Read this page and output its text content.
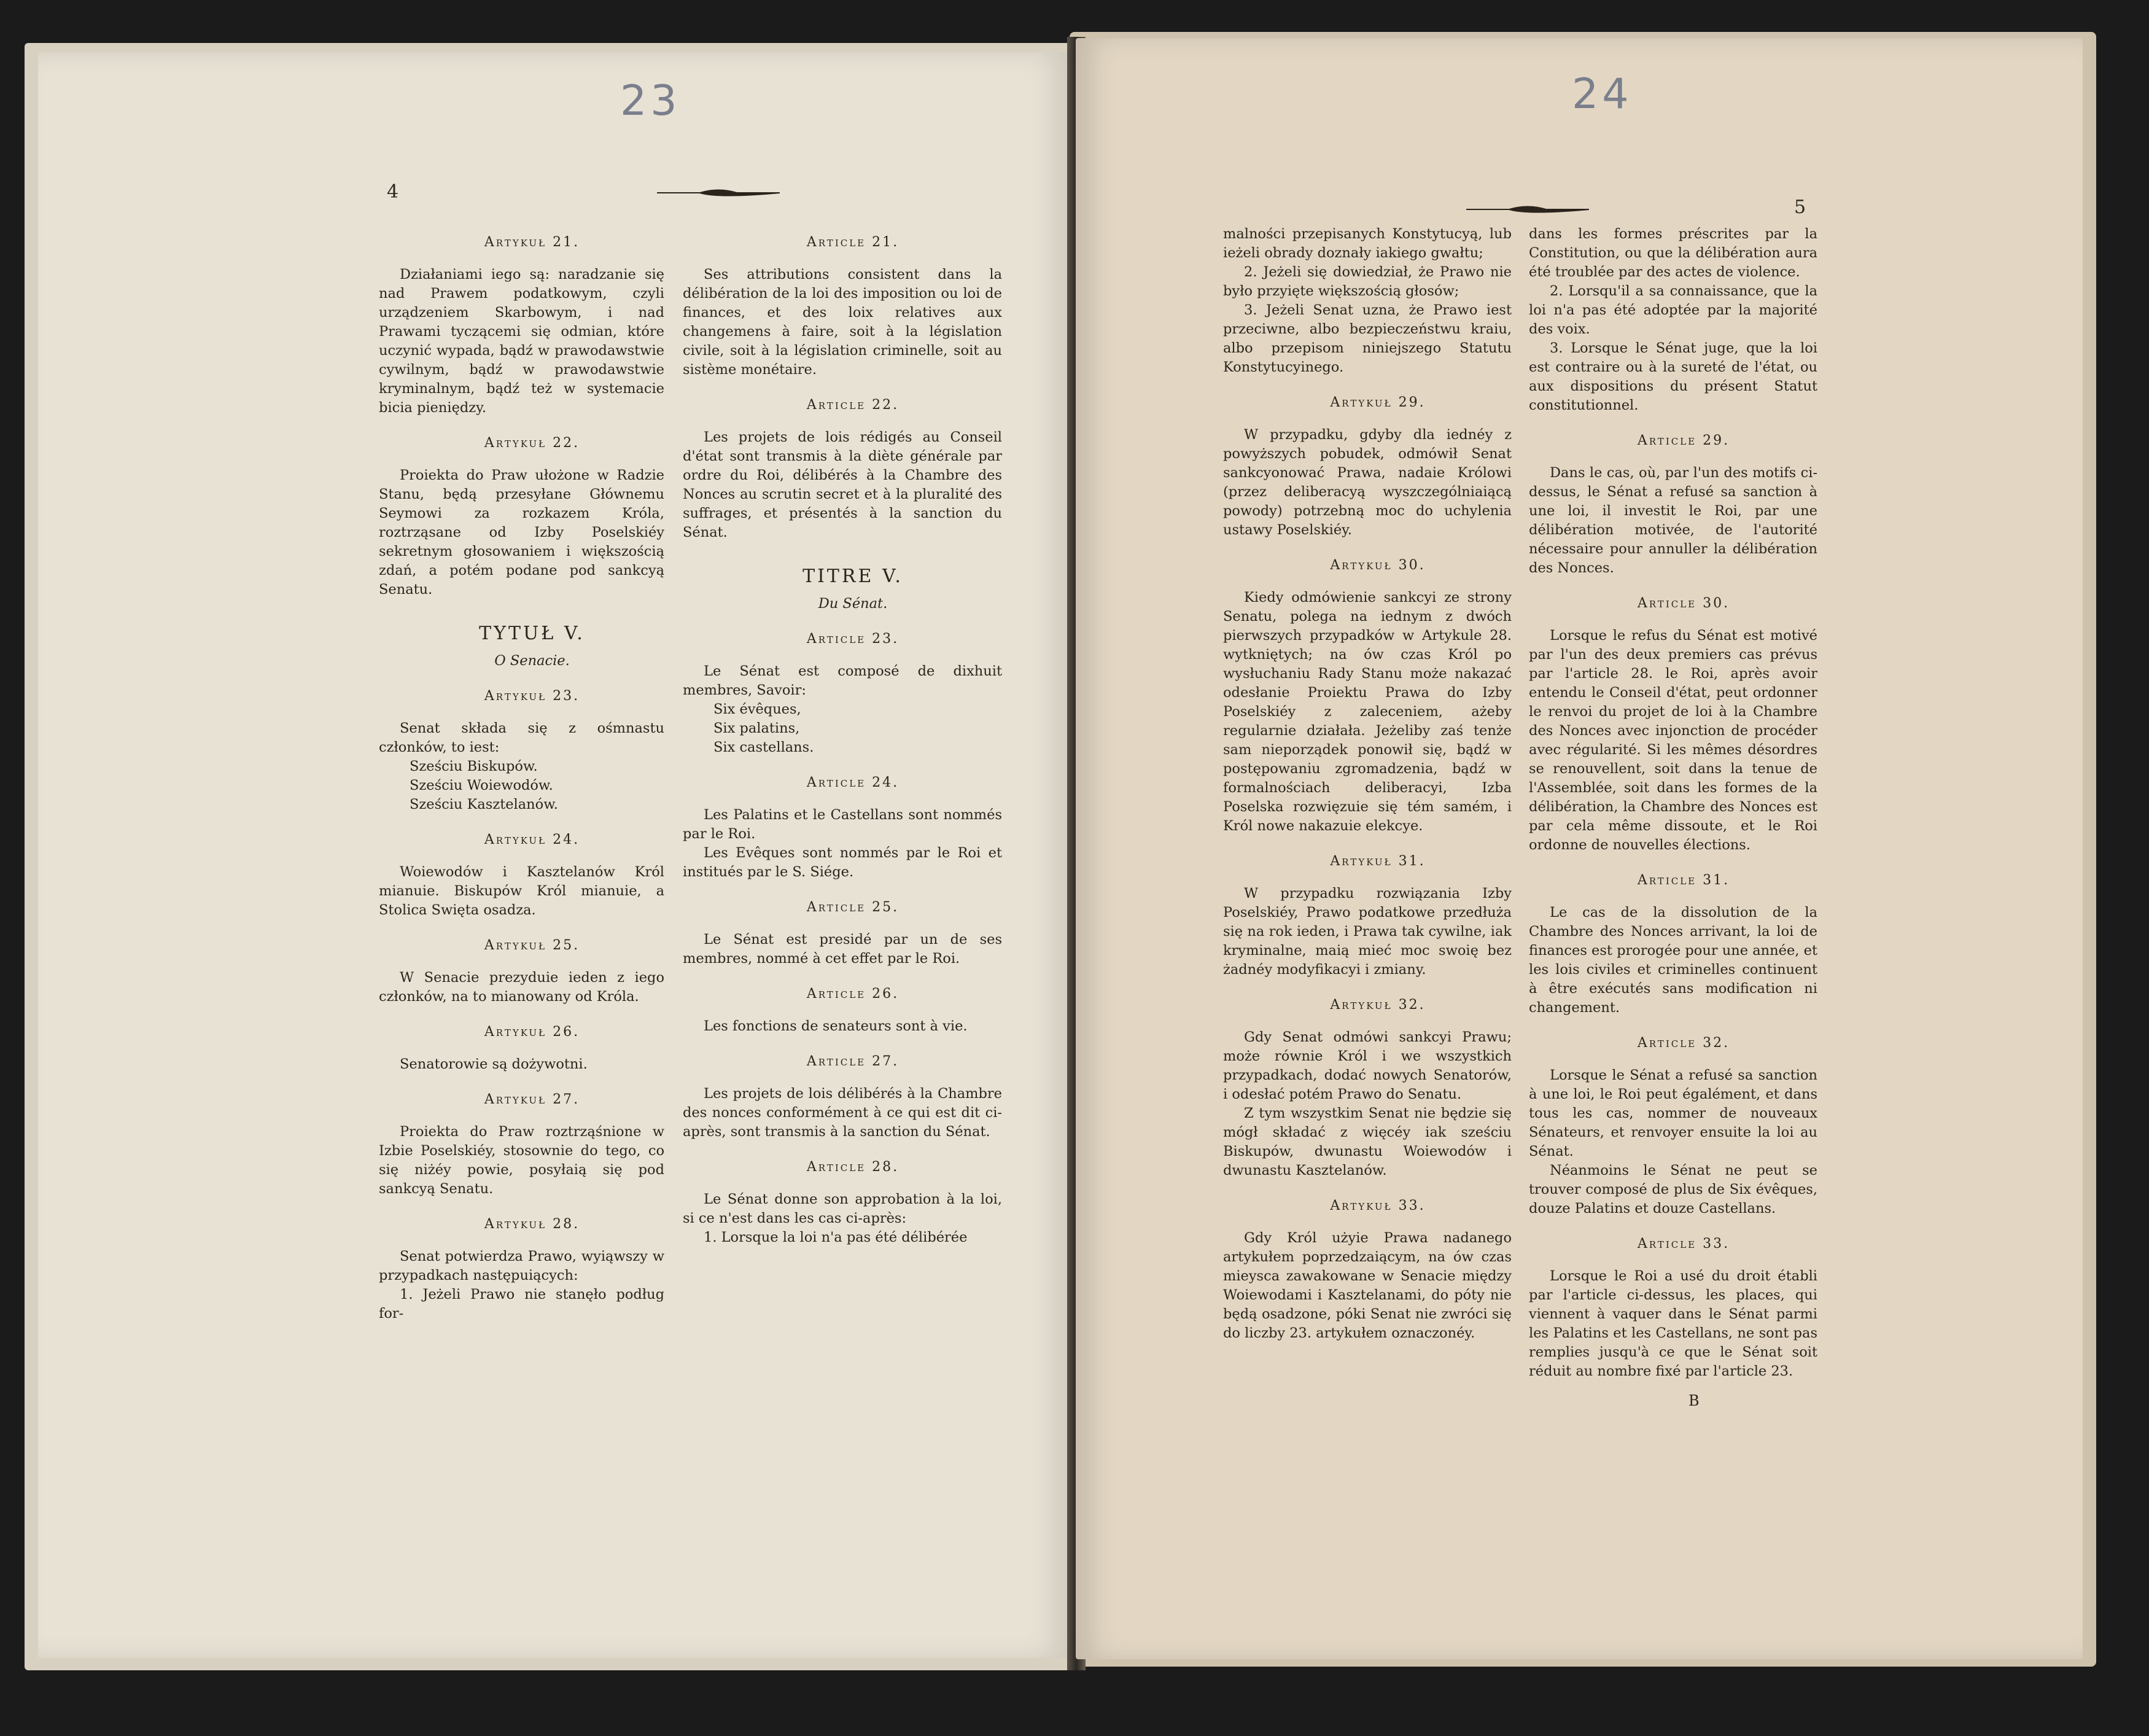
23
4

Artykuł 21.

Działaniami iego są: naradzanie się nad Prawem podatkowym, czyli urządzeniem Skarbowym, i nad Prawami tyczącemi się odmian, które uczynić wypada, bądź w prawodawstwie cywilnym, bądź w prawodawstwie kryminalnym, bądź też w systemacie bicia pieniędzy.

Artykuł 22.

Proiekta do Praw ułożone w Radzie Stanu, będą przesyłane Głównemu Seymowi za rozkazem Króla, roztrząsane od Izby Poselskiéy sekretnym głosowaniem i większością zdań, a potém podane pod sankcyą Senatu.

TYTUŁ V.

O Senacie.

Artykuł 23.

Senat składa się z ośmnastu członków, to iest:

Sześciu Biskupów.
Sześciu Woiewodów.
Sześciu Kasztelanów.

Artykuł 24.

Woiewodów i Kasztelanów Król mianuie. Biskupów Król mianuie, a Stolica Swięta osadza.

Artykuł 25.

W Senacie prezyduie ieden z iego członków, na to mianowany od Króla.

Artykuł 26.

Senatorowie są dożywotni.

Artykuł 27.

Proiekta do Praw roztrząśnione w Izbie Poselskiéy, stosownie do tego, co się niżéy powie, posyłaią się pod sankcyą Senatu.

Artykuł 28.

Senat potwierdza Prawo, wyiąwszy w przypadkach następuiących:

1. Jeżeli Prawo nie stanęło podług for-

Article 21.

Ses attributions consistent dans la délibération de la loi des imposition ou loi de finances, et des loix relatives aux changemens à faire, soit à la législation civile, soit à la législation criminelle, soit au sistème monétaire.

Article 22.

Les projets de lois rédigés au Conseil d'état sont transmis à la diète générale par ordre du Roi, délibérés à la Chambre des Nonces au scrutin secret et à la pluralité des suffrages, et présentés à la sanction du Sénat.

TITRE V.

Du Sénat.

Article 23.

Le Sénat est composé de dixhuit membres, Savoir:

Six évêques,
Six palatins,
Six castellans.

Article 24.

Les Palatins et le Castellans sont nommés par le Roi.

Les Evêques sont nommés par le Roi et institués par le S. Siége.

Article 25.

Le Sénat est presidé par un de ses membres, nommé à cet effet par le Roi.

Article 26.

Les fonctions de senateurs sont à vie.

Article 27.

Les projets de lois délibérés à la Chambre des nonces conformément à ce qui est dit ci-après, sont transmis à la sanction du Sénat.

Article 28.

Le Sénat donne son approbation à la loi, si ce n'est dans les cas ci-après:

1. Lorsque la loi n'a pas été délibérée

24
5

malności przepisanych Konstytucyą, lub ieżeli obrady doznały iakiego gwałtu;

2. Jeżeli się dowiedział, że Prawo nie było przyięte większością głosów;

3. Jeżeli Senat uzna, że Prawo iest przeciwne, albo bezpieczeństwu kraiu, albo przepisom niniejszego Statutu Konstytucyinego.

Artykuł 29.

W przypadku, gdyby dla iednéy z powyższych pobudek, odmówił Senat sankcyonować Prawa, nadaie Królowi (przez deliberacyą wyszczególniaiącą powody) potrzebną moc do uchylenia ustawy Poselskiéy.

Artykuł 30.

Kiedy odmówienie sankcyi ze strony Senatu, polega na iednym z dwóch pierwszych przypadków w Artykule 28. wytkniętych; na ów czas Król po wysłuchaniu Rady Stanu może nakazać odesłanie Proiektu Prawa do Izby Poselskiéy z zaleceniem, ażeby regularnie działała. Jeżeliby zaś tenże sam nieporządek ponowił się, bądź w postępowaniu zgromadzenia, bądź w formalnościach deliberacyi, Izba Poselska rozwięzuie się tém samém, i Król nowe nakazuie elekcye.

Artykuł 31.

W przypadku rozwiązania Izby Poselskiéy, Prawo podatkowe przedłuża się na rok ieden, i Prawa tak cywilne, iak kryminalne, maią mieć moc swoię bez żadnéy modyfikacyi i zmiany.

Artykuł 32.

Gdy Senat odmówi sankcyi Prawu; może równie Król i we wszystkich przypadkach, dodać nowych Senatorów, i odesłać potém Prawo do Senatu.

Z tym wszystkim Senat nie będzie się mógł składać z więcéy iak sześciu Biskupów, dwunastu Woiewodów i dwunastu Kasztelanów.

Artykuł 33.

Gdy Król użyie Prawa nadanego artykułem poprzedzaiącym, na ów czas mieysca zawakowane w Senacie między Woiewodami i Kasztelanami, do póty nie będą osadzone, póki Senat nie zwróci się do liczby 23. artykułem oznaczonéy.

dans les formes préscrites par la Constitution, ou que la délibération aura été troublée par des actes de violence.

2. Lorsqu'il a sa connaissance, que la loi n'a pas été adoptée par la majorité des voix.

3. Lorsque le Sénat juge, que la loi est contraire ou à la sureté de l'état, ou aux dispositions du présent Statut constitutionnel.

Article 29.

Dans le cas, où, par l'un des motifs ci-dessus, le Sénat a refusé sa sanction à une loi, il investit le Roi, par une délibération motivée, de l'autorité nécessaire pour annuller la délibération des Nonces.

Article 30.

Lorsque le refus du Sénat est motivé par l'un des deux premiers cas prévus par l'article 28. le Roi, après avoir entendu le Conseil d'état, peut ordonner le renvoi du projet de loi à la Chambre des Nonces avec injonction de procéder avec régularité. Si les mêmes désordres se renouvellent, soit dans la tenue de l'Assemblée, soit dans les formes de la délibération, la Chambre des Nonces est par cela même dissoute, et le Roi ordonne de nouvelles élections.

Article 31.

Le cas de la dissolution de la Chambre des Nonces arrivant, la loi de finances est prorogée pour une année, et les lois civiles et criminelles continuent à être exécutés sans modification ni changement.

Article 32.

Lorsque le Sénat a refusé sa sanction à une loi, le Roi peut égalément, et dans tous les cas, nommer de nouveaux Sénateurs, et renvoyer ensuite la loi au Sénat.

Néanmoins le Sénat ne peut se trouver composé de plus de Six évêques, douze Palatins et douze Castellans.

Article 33.

Lorsque le Roi a usé du droit établi par l'article ci-dessus, les places, qui viennent à vaquer dans le Sénat parmi les Palatins et les Castellans, ne sont pas remplies jusqu'à ce que le Sénat soit réduit au nombre fixé par l'article 23.

B
